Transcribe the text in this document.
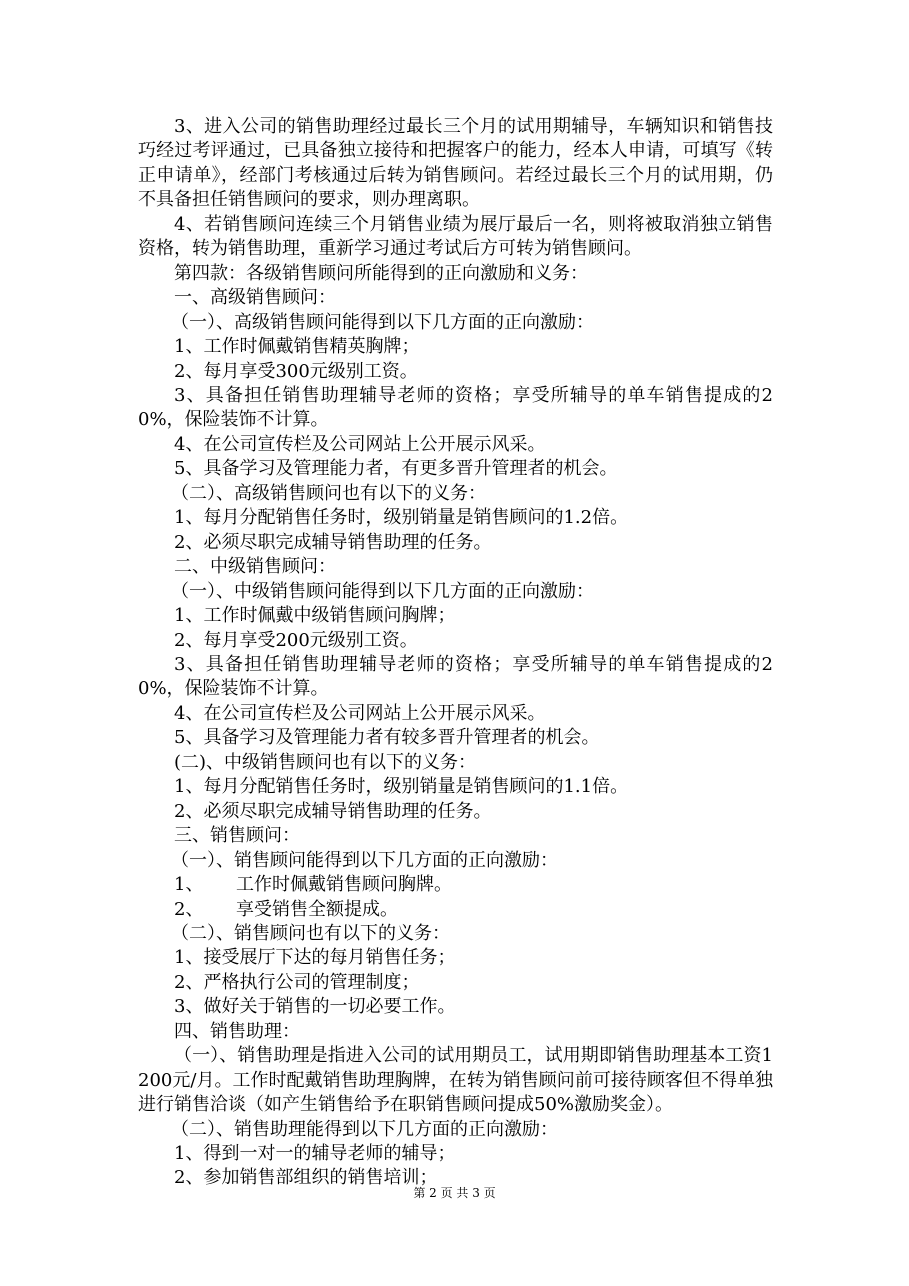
3、进入公司的销售助理经过最长三个月的试用期辅导，车辆知识和销售技巧经过考评通过，已具备独立接待和把握客户的能力，经本人申请，可填写《转正申请单》，经部门考核通过后转为销售顾问。若经过最长三个月的试用期，仍不具备担任销售顾问的要求，则办理离职。

4、若销售顾问连续三个月销售业绩为展厅最后一名，则将被取消独立销售资格，转为销售助理，重新学习通过考试后方可转为销售顾问。

第四款：各级销售顾问所能得到的正向激励和义务：

一、高级销售顾问：

（一）、高级销售顾问能得到以下几方面的正向激励：

1、工作时佩戴销售精英胸牌；

2、每月享受300元级别工资。

3、具备担任销售助理辅导老师的资格；享受所辅导的单车销售提成的20%，保险装饰不计算。

4、在公司宣传栏及公司网站上公开展示风采。

5、具备学习及管理能力者，有更多晋升管理者的机会。

（二）、高级销售顾问也有以下的义务：

1、每月分配销售任务时，级别销量是销售顾问的1.2倍。

2、必须尽职完成辅导销售助理的任务。

二、中级销售顾问：

（一）、中级销售顾问能得到以下几方面的正向激励：

1、工作时佩戴中级销售顾问胸牌；

2、每月享受200元级别工资。

3、具备担任销售助理辅导老师的资格；享受所辅导的单车销售提成的20%，保险装饰不计算。

4、在公司宣传栏及公司网站上公开展示风采。

5、具备学习及管理能力者有较多晋升管理者的机会。

(二)、中级销售顾问也有以下的义务：

1、每月分配销售任务时，级别销量是销售顾问的1.1倍。

2、必须尽职完成辅导销售助理的任务。

三、销售顾问：

（一）、销售顾问能得到以下几方面的正向激励：

1、 工作时佩戴销售顾问胸牌。

2、 享受销售全额提成。

（二）、销售顾问也有以下的义务：

1、接受展厅下达的每月销售任务；

2、严格执行公司的管理制度；

3、做好关于销售的一切必要工作。

四、销售助理：

（一）、销售助理是指进入公司的试用期员工，试用期即销售助理基本工资1200元/月。工作时配戴销售助理胸牌，在转为销售顾问前可接待顾客但不得单独进行销售洽谈（如产生销售给予在职销售顾问提成50%激励奖金）。

（二）、销售助理能得到以下几方面的正向激励：

1、得到一对一的辅导老师的辅导；

2、参加销售部组织的销售培训；

第 2 页 共 3 页
